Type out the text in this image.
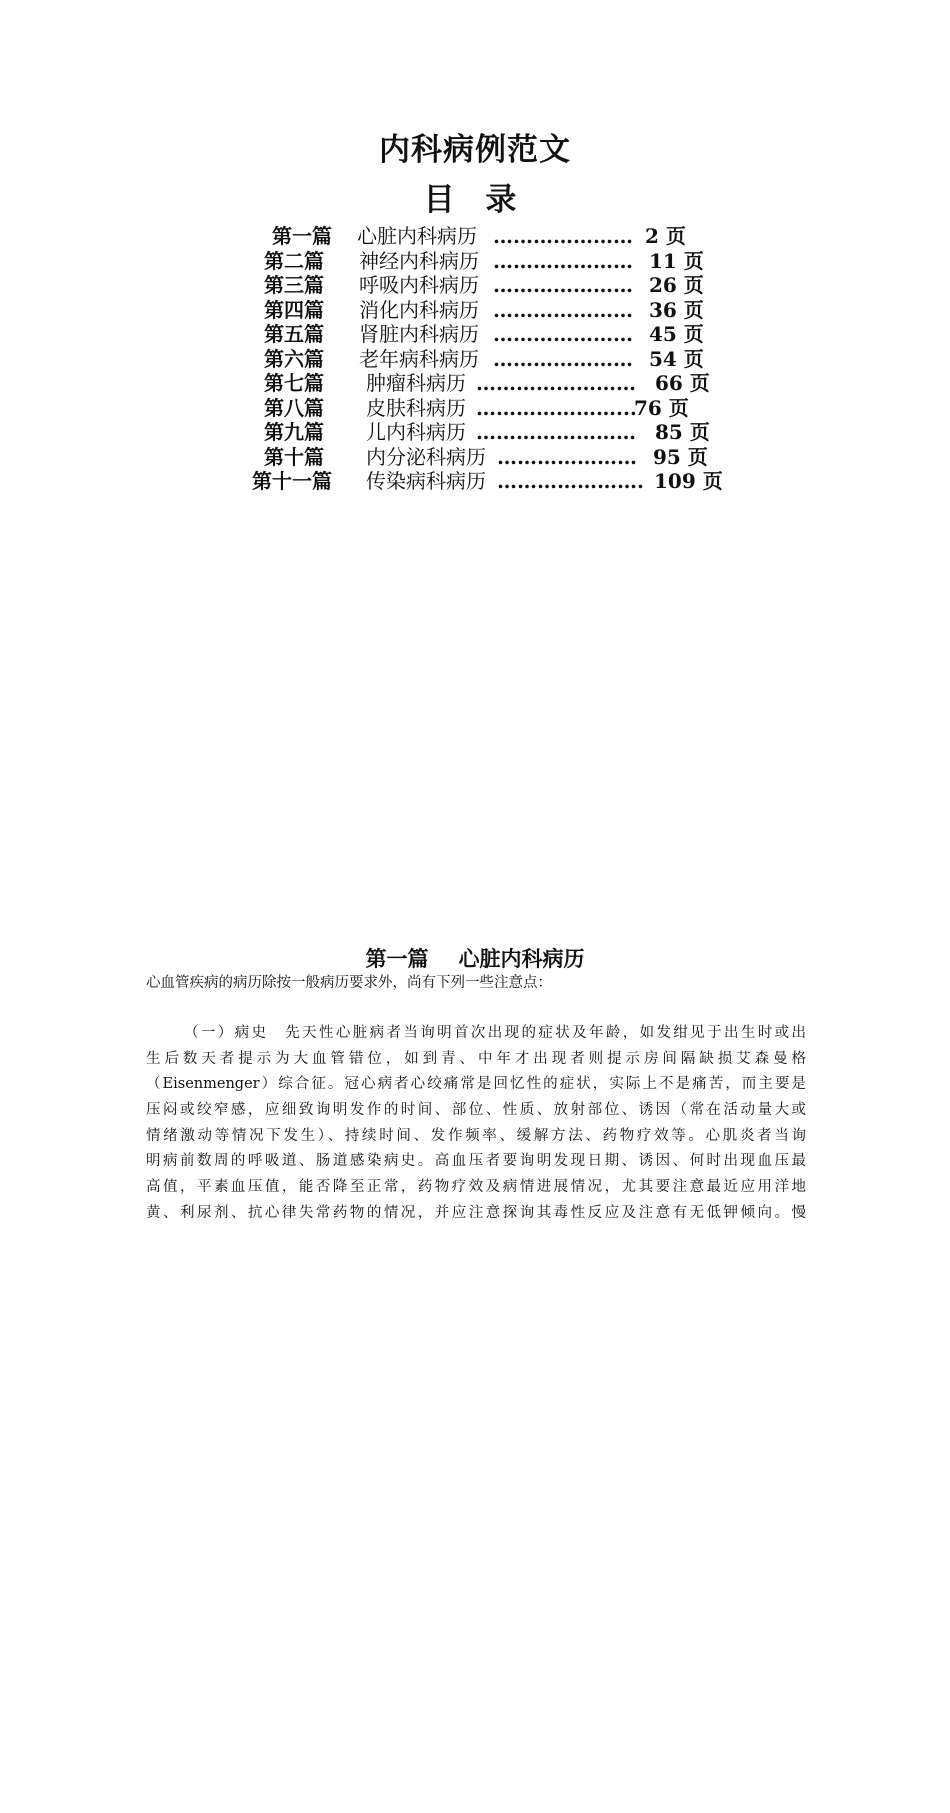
内科病例范文
目 录
第一篇 心脏内科病历 ………………… 2 页
第二篇 神经内科病历 ………………… 11 页
第三篇 呼吸内科病历 ………………… 26 页
第四篇 消化内科病历 ………………… 36 页
第五篇 肾脏内科病历 ………………… 45 页
第六篇 老年病科病历 ………………… 54 页
第七篇 肿瘤科病历 …………………… 66 页
第八篇 皮肤科病历 …………………...
76 页
第九篇 儿内科病历 …………………… 85 页
第十篇 内分泌科病历 ………………… 95 页
第十一篇 传染病科病历 …………………. 109 页
第一篇 心脏内科病历
心血管疾病的病历除按一般病历要求外，尚有下列一些注意点：
（一）病史　先天性心脏病者当询明首次出现的症状及年龄，如发绀见于出生时或出
生后数天者提示为大血管错位，如到青、中年才出现者则提示房间隔缺损艾森曼格
（Eisenmenger）综合征。冠心病者心绞痛常是回忆性的症状，实际上不是痛苦，而主要是
压闷或绞窄感，应细致询明发作的时间、部位、性质、放射部位、诱因（常在活动量大或
情绪激动等情况下发生）、持续时间、发作频率、缓解方法、药物疗效等。心肌炎者当询
明病前数周的呼吸道、肠道感染病史。高血压者要询明发现日期、诱因、何时出现血压最
高值，平素血压值，能否降至正常，药物疗效及病情进展情况，尤其要注意最近应用洋地
黄、利尿剂、抗心律失常药物的情况，并应注意探询其毒性反应及注意有无低钾倾向。慢
